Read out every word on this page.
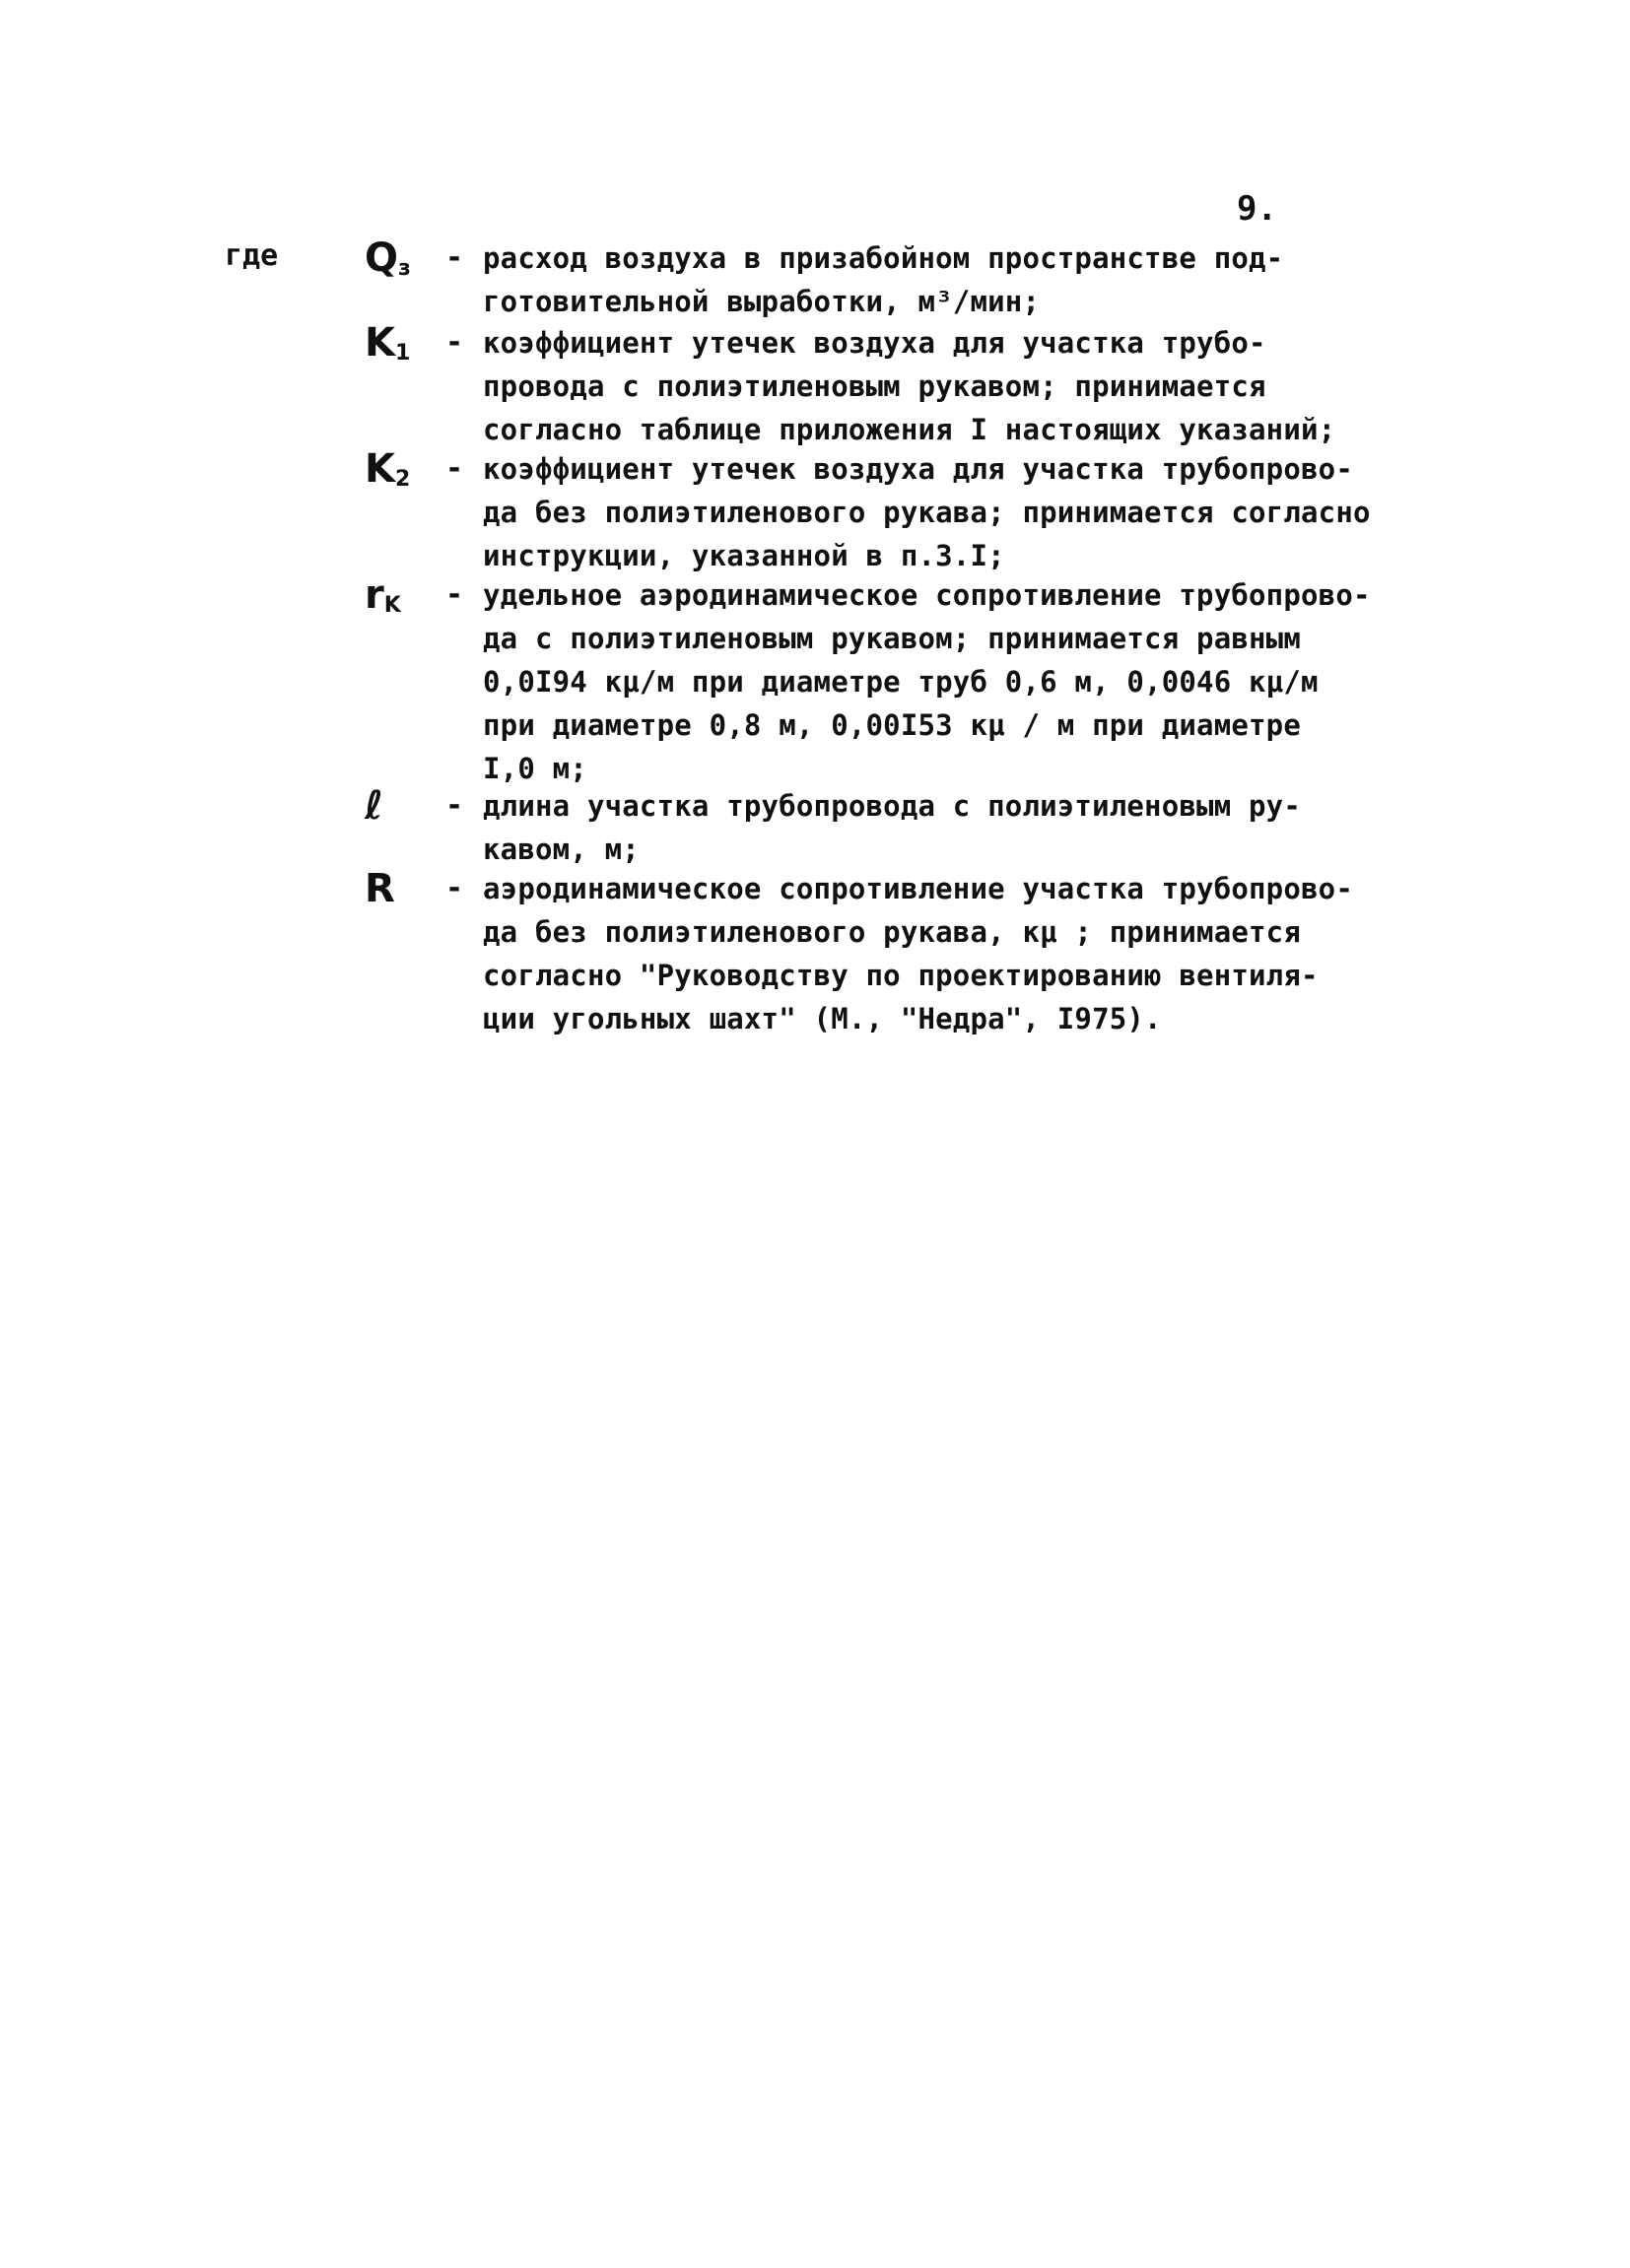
9.
где $Q_з$	- расход воздуха в призабойном пространстве под-
готовительной выработки, м³/мин;
$K_1$	- коэффициент утечек воздуха для участка трубо-
провода с полиэтиленовым рукавом; принимается
согласно таблице приложения I настоящих указаний;
$K_2$	- коэффициент утечек воздуха для участка трубопрово-
да без полиэтиленового рукава; принимается согласно
инструкции, указанной в п.3.I;
$r_K$	- удельное аэродинамическое сопротивление трубопрово-
да с полиэтиленовым рукавом; принимается равным
0,0I94 кμ/м при диаметре труб 0,6 м, 0,0046 кμ/м
при диаметре 0,8 м, 0,00I53 кμ / м при диаметре
I,0 м;
ℓ	- длина участка трубопровода с полиэтиленовым ру-
кавом, м;
R	- аэродинамическое сопротивление участка трубопрово-
да без полиэтиленового рукава, кμ ; принимается
согласно "Руководству по проектированию вентиля-
ции угольных шахт" (М., "Недра", I975).
